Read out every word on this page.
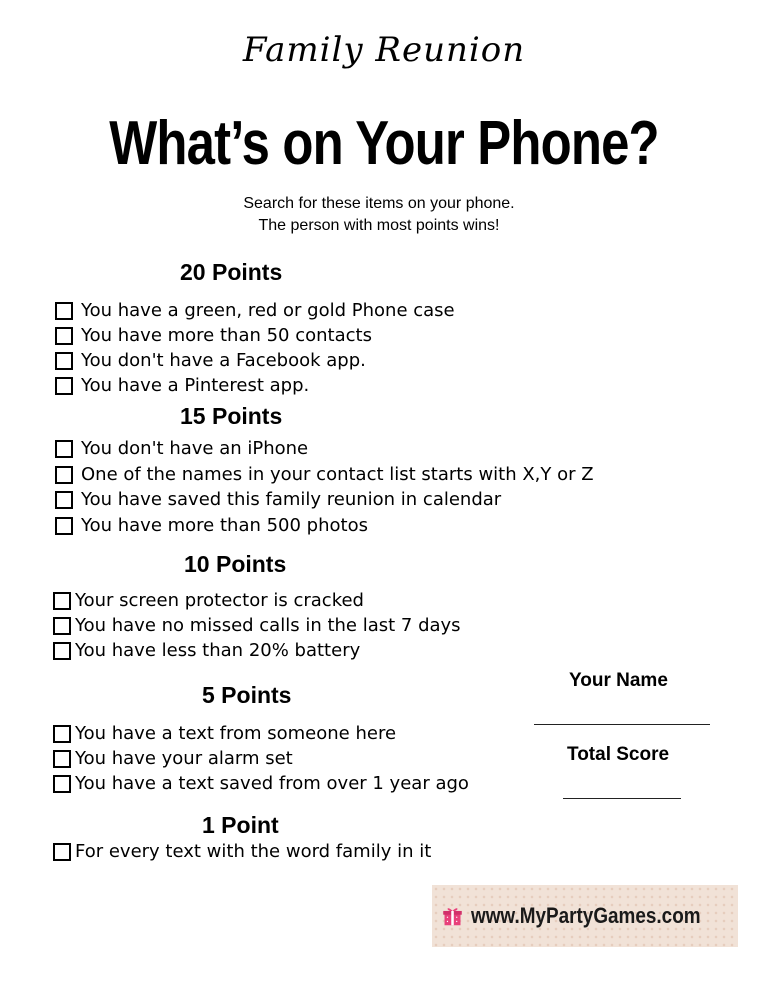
Family Reunion
What’s on Your Phone?
Search for these items on your phone.
The person with most points wins!
20 Points
You have a green, red or gold Phone case
You have more than 50 contacts
You don't have a Facebook app.
You have a Pinterest app.
15 Points
You don't have an iPhone
One of the names in your contact list starts with X,Y or Z
You have saved this family reunion in calendar
You have more than 500 photos
10 Points
Your screen protector is cracked
You have no missed calls in the last 7 days
You have less than 20% battery
5 Points
You have a text from someone here
You have your alarm set
You have a text saved from over 1 year ago
1 Point
For every text with the word family in it
Your Name
Total Score
www.MyPartyGames.com
